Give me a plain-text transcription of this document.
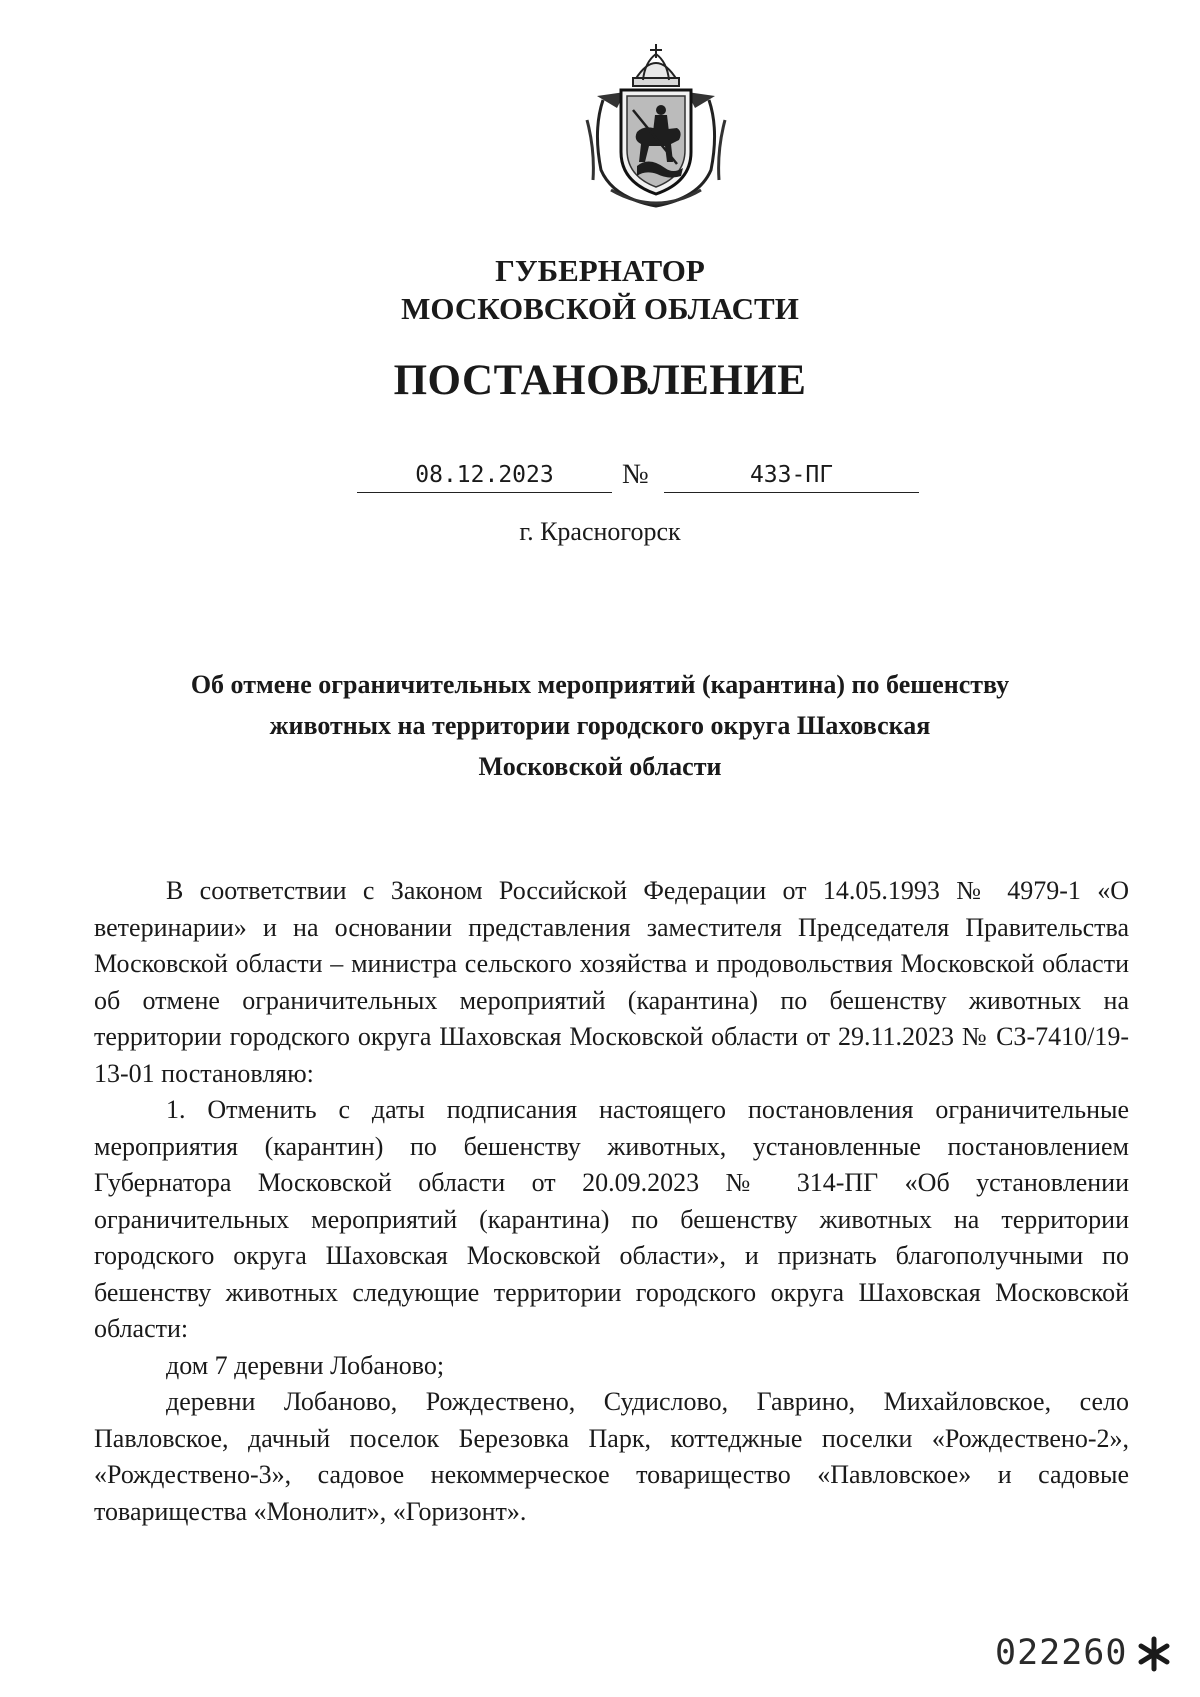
ГУБЕРНАТОР
МОСКОВСКОЙ ОБЛАСТИ
ПОСТАНОВЛЕНИЕ
08.12.2023	№	433-ПГ
г. Красногорск
Об отмене ограничительных мероприятий (карантина) по бешенству
животных на территории городского округа Шаховская
Московской области

В соответствии с Законом Российской Федерации от 14.05.1993 № 4979-1 «О ветеринарии» и на основании представления заместителя Председателя Правительства Московской области – министра сельского хозяйства и продовольствия Московской области об отмене ограничительных мероприятий (карантина) по бешенству животных на территории городского округа Шаховская Московской области от 29.11.2023 № СЗ-7410/19-13-01 постановляю:

1. Отменить с даты подписания настоящего постановления ограничительные мероприятия (карантин) по бешенству животных, установленные постановлением Губернатора Московской области от 20.09.2023 № 314-ПГ «Об установлении ограничительных мероприятий (карантина) по бешенству животных на территории городского округа Шаховская Московской области», и признать благополучными по бешенству животных следующие территории городского округа Шаховская Московской области:

дом 7 деревни Лобаново;

деревни Лобаново, Рождествено, Судислово, Гаврино, Михайловское, село Павловское, дачный поселок Березовка Парк, коттеджные поселки «Рождествено-2», «Рождествено-3», садовое некоммерческое товарищество «Павловское» и садовые товарищества «Монолит», «Горизонт».

022260
